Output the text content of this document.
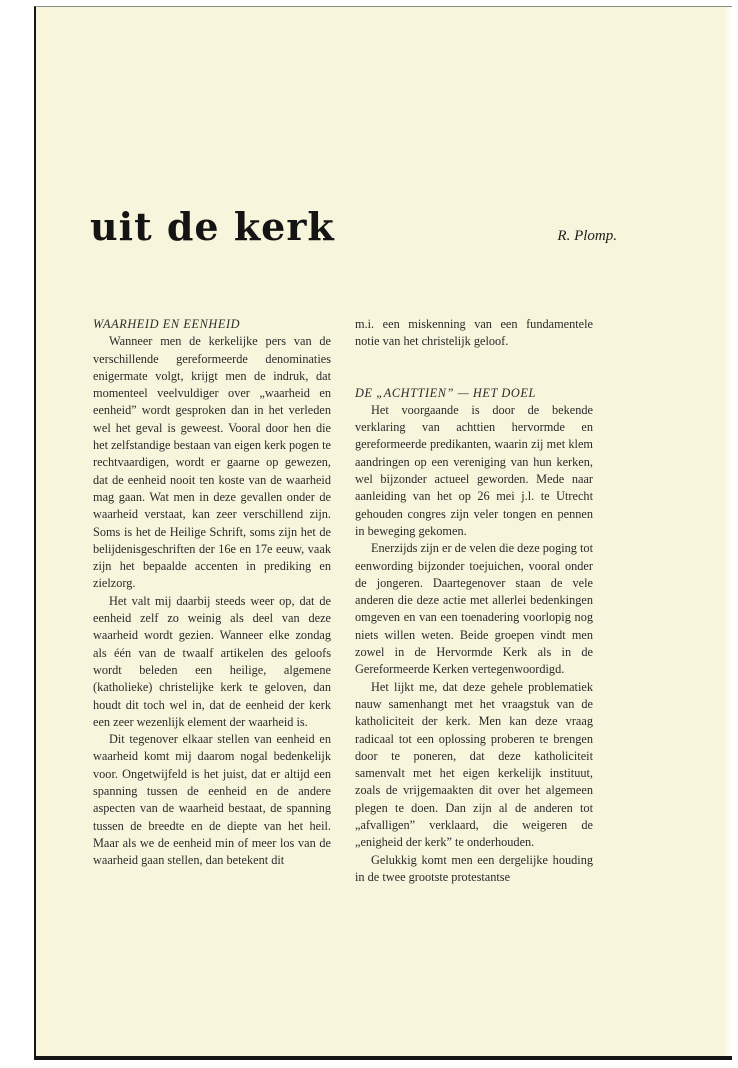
uit de kerk	R. Plomp.
WAARHEID EN EENHEID

Wanneer men de kerkelijke pers van de verschillende gereformeerde denominaties enigermate volgt, krijgt men de indruk, dat momenteel veelvuldiger over „waarheid en eenheid” wordt gesproken dan in het verleden wel het geval is geweest. Vooral door hen die het zelfstandige bestaan van eigen kerk pogen te rechtvaardigen, wordt er gaarne op gewezen, dat de eenheid nooit ten koste van de waarheid mag gaan. Wat men in deze gevallen onder de waarheid verstaat, kan zeer verschillend zijn. Soms is het de Heilige Schrift, soms zijn het de belijdenisgeschriften der 16e en 17e eeuw, vaak zijn het bepaalde accenten in prediking en zielzorg.

Het valt mij daarbij steeds weer op, dat de eenheid zelf zo weinig als deel van deze waarheid wordt gezien. Wanneer elke zondag als één van de twaalf artikelen des geloofs wordt beleden een heilige, algemene (katholieke) christelijke kerk te geloven, dan houdt dit toch wel in, dat de eenheid der kerk een zeer wezenlijk element der waarheid is.

Dit tegenover elkaar stellen van eenheid en waarheid komt mij daarom nogal bedenkelijk voor. Ongetwijfeld is het juist, dat er altijd een spanning tussen de eenheid en de andere aspecten van de waarheid bestaat, de spanning tussen de breedte en de diepte van het heil. Maar als we de eenheid min of meer los van de waarheid gaan stellen, dan betekent dit

m.i. een miskenning van een fundamentele notie van het christelijk geloof.

DE „ACHTTIEN” — HET DOEL

Het voorgaande is door de bekende verklaring van achttien hervormde en gereformeerde predikanten, waarin zij met klem aandringen op een vereniging van hun kerken, wel bijzonder actueel geworden. Mede naar aanleiding van het op 26 mei j.l. te Utrecht gehouden congres zijn veler tongen en pennen in beweging gekomen.

Enerzijds zijn er de velen die deze poging tot eenwording bijzonder toejuichen, vooral onder de jongeren. Daartegenover staan de vele anderen die deze actie met allerlei bedenkingen omgeven en van een toenadering voorlopig nog niets willen weten. Beide groepen vindt men zowel in de Hervormde Kerk als in de Gereformeerde Kerken vertegenwoordigd.

Het lijkt me, dat deze gehele problematiek nauw samenhangt met het vraagstuk van de katholiciteit der kerk. Men kan deze vraag radicaal tot een oplossing proberen te brengen door te poneren, dat deze katholiciteit samenvalt met het eigen kerkelijk instituut, zoals de vrijgemaakten dit over het algemeen plegen te doen. Dan zijn al de anderen tot „afvalligen” verklaard, die weigeren de „enigheid der kerk” te onderhouden.

Gelukkig komt men een dergelijke houding in de twee grootste protestantse
